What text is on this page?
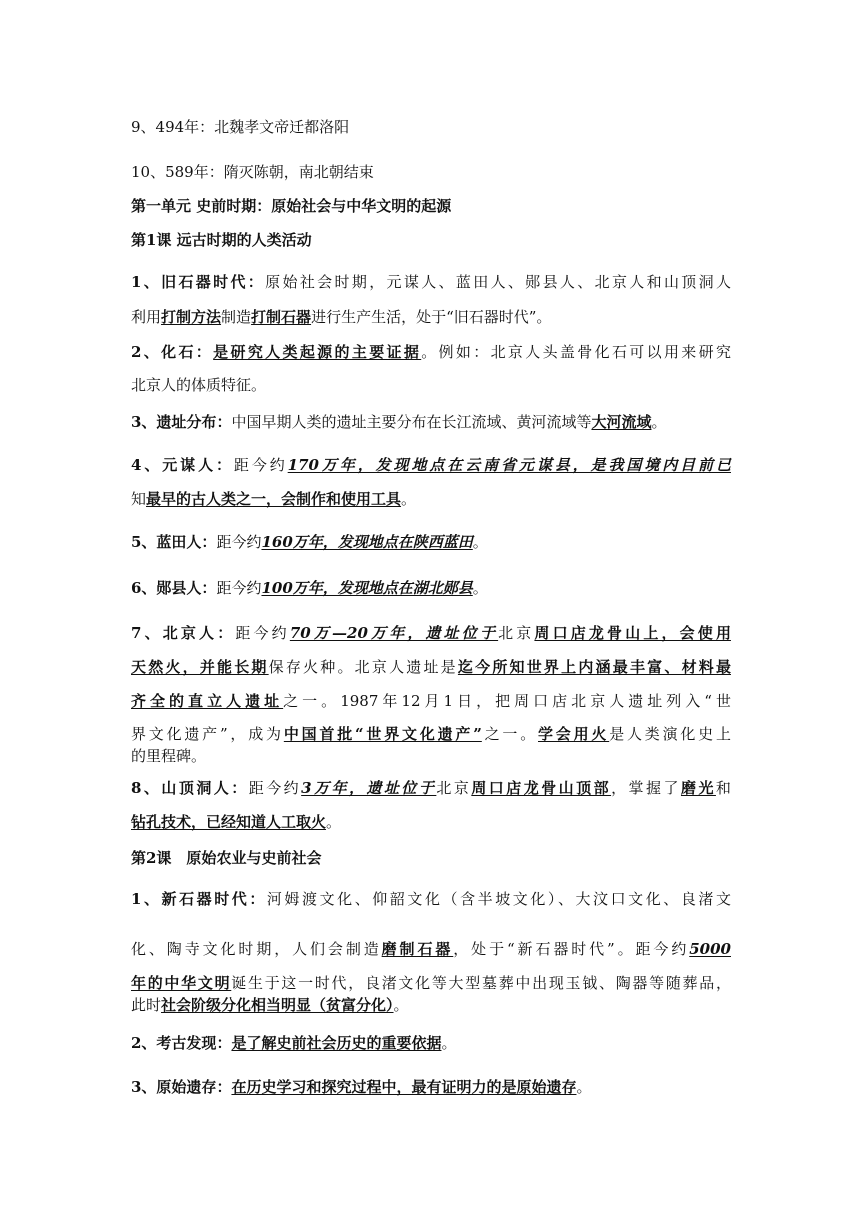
9、494年：北魏孝文帝迁都洛阳
10、589年：隋灭陈朝，南北朝结束
第一单元 史前时期：原始社会与中华文明的起源
第1课 远古时期的人类活动
1、旧石器时代：原始社会时期，元谋人、蓝田人、郧县人、北京人和山顶洞人
利用打制方法制造打制石器进行生产生活，处于“旧石器时代”。
2、化石：是研究人类起源的主要证据。例如：北京人头盖骨化石可以用来研究
北京人的体质特征。
3、遗址分布：中国早期人类的遗址主要分布在长江流域、黄河流域等大河流域。
4、元谋人：距今约170万年，发现地点在云南省元谋县，是我国境内目前已
知最早的古人类之一，会制作和使用工具。
5、蓝田人：距今约160万年，发现地点在陕西蓝田。
6、郧县人：距今约100万年，发现地点在湖北郧县。
7、北京人：距今约70万—20万年，遗址位于北京周口店龙骨山上，会使用
天然火，并能长期保存火种。北京人遗址是迄今所知世界上内涵最丰富、材料最
齐全的直立人遗址之一。1987年12月1日，把周口店北京人遗址列入“世
界文化遗产”，成为中国首批“世界文化遗产”之一。学会用火是人类演化史上
的里程碑。
8、山顶洞人：距今约3万年，遗址位于北京周口店龙骨山顶部，掌握了磨光和
钻孔技术，已经知道人工取火。
第2课　原始农业与史前社会
1、新石器时代：河姆渡文化、仰韶文化（含半坡文化）、大汶口文化、良渚文
化、陶寺文化时期，人们会制造磨制石器，处于“新石器时代”。距今约5000
年的中华文明诞生于这一时代，良渚文化等大型墓葬中出现玉钺、陶器等随葬品，
此时社会阶级分化相当明显（贫富分化）。
2、考古发现：是了解史前社会历史的重要依据。
3、原始遗存：在历史学习和探究过程中，最有证明力的是原始遗存。
